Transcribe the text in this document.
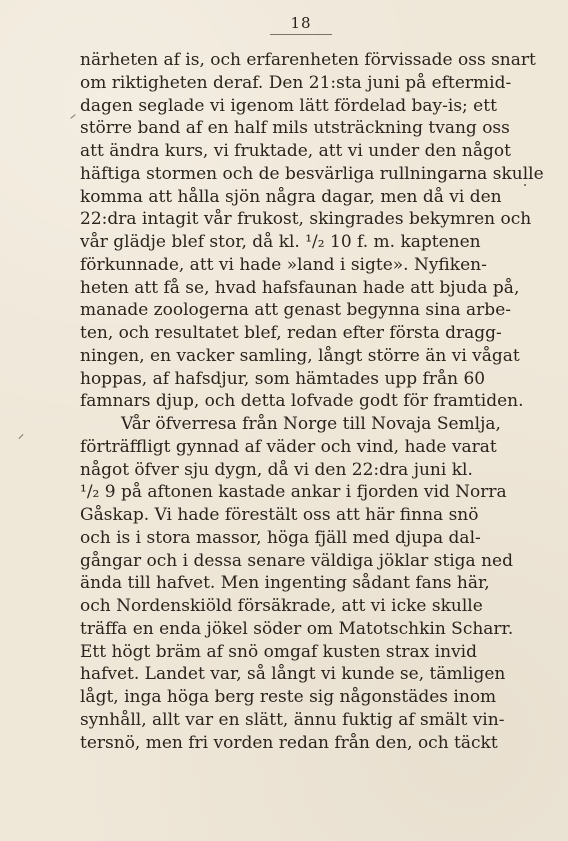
18
närheten af is, och erfarenheten förvissade oss snart
om riktigheten deraf. Den 21:sta juni på eftermid-
dagen seglade vi igenom lätt fördelad bay-is; ett
större band af en half mils utsträckning tvang oss
att ändra kurs, vi fruktade, att vi under den något
häftiga stormen och de besvärliga rullningarna skulle
komma att hålla sjön några dagar, men då vi den
22:dra intagit vår frukost, skingrades bekymren och
vår glädje blef stor, då kl. ¹/₂ 10 f. m. kaptenen
förkunnade, att vi hade »land i sigte». Nyfiken-
heten att få se, hvad hafsfaunan hade att bjuda på,
manade zoologerna att genast begynna sina arbe-
ten, och resultatet blef, redan efter första dragg-
ningen, en vacker samling, långt större än vi vågat
hoppas, af hafsdjur, som hämtades upp från 60
famnars djup, och detta lofvade godt för framtiden.
Vår öfverresa från Norge till Novaja Semlja,
förträffligt gynnad af väder och vind, hade varat
något öfver sju dygn, då vi den 22:dra juni kl.
¹/₂ 9 på aftonen kastade ankar i fjorden vid Norra
Gåskap. Vi hade förestält oss att här finna snö
och is i stora massor, höga fjäll med djupa dal-
gångar och i dessa senare väldiga jöklar stiga ned
ända till hafvet. Men ingenting sådant fans här,
och Nordenskiöld försäkrade, att vi icke skulle
träffa en enda jökel söder om Matotschkin Scharr.
Ett högt bräm af snö omgaf kusten strax invid
hafvet. Landet var, så långt vi kunde se, tämligen
lågt, inga höga berg reste sig någonstädes inom
synhåll, allt var en slätt, ännu fuktig af smält vin-
tersnö, men fri vorden redan från den, och täckt
